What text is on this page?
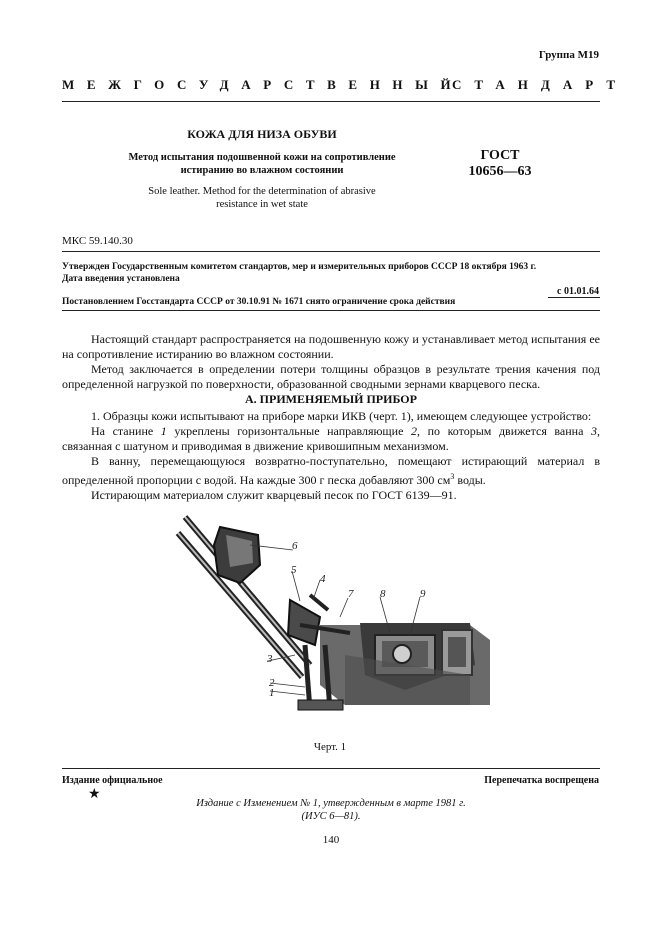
Группа М19
МЕЖГОСУДАРСТВЕННЫЙ
СТАНДАРТ
КОЖА ДЛЯ НИЗА ОБУВИ
Метод испытания подошвенной кожи на сопротивление
истиранию во влажном состоянии
Sole leather. Method for the determination of abrasive
resistance in wet state
ГОСТ
10656—63
МКС 59.140.30
Утвержден Государственным комитетом стандартов, мер и измерительных приборов СССР 18 октября 1963 г.
Дата введения установлена
с 01.01.64
Постановлением Госстандарта СССР от 30.10.91 № 1671 снято ограничение срока действия

Настоящий стандарт распространяется на подошвенную кожу и устанавливает метод испытания ее на сопротивление истиранию во влажном состоянии.

Метод заключается в определении потери толщины образцов в результате трения качения под определенной нагрузкой по поверхности, образованной сводными зернами кварцевого песка.

А. ПРИМЕНЯЕМЫЙ ПРИБОР

1. Образцы кожи испытывают на приборе марки ИКВ (черт. 1), имеющем следующее устройство:

На станине 1 укреплены горизонтальные направляющие 2, по которым движется ванна 3, связанная с шатуном и приводимая в движение кривошипным механизмом.

В ванну, перемещающуюся возвратно-поступательно, помещают истирающий материал в определенной пропорции с водой. На каждые 300 г песка добавляют 300 $см^3$ воды.

Истирающим материалом служит кварцевый песок по ГОСТ 6139—91.

1
2
3
4
5
6
7 8	9
Черт. 1
Издание официальное	Перепечатка воспрещена
★
Издание с Изменением № 1, утвержденным в марте 1981 г.
(ИУС 6—81).
140
